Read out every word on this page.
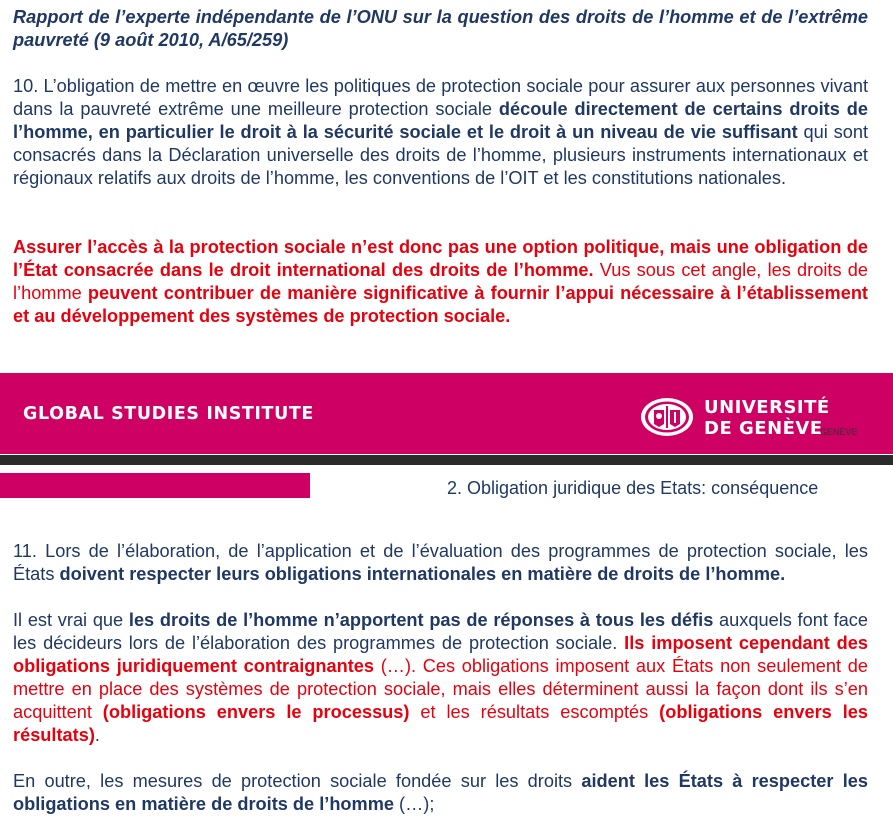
Rapport de l’experte indépendante de l’ONU sur la question des droits de l’homme et de l’extrême pauvreté (9 août 2010, A/65/259)

10. L’obligation de mettre en œuvre les politiques de protection sociale pour assurer aux personnes vivant dans la pauvreté extrême une meilleure protection sociale découle directement de certains droits de l’homme, en particulier le droit à la sécurité sociale et le droit à un niveau de vie suffisant qui sont consacrés dans la Déclaration universelle des droits de l’homme, plusieurs instruments internationaux et régionaux relatifs aux droits de l’homme, les conventions de l’OIT et les constitutions nationales.

Assurer l’accès à la protection sociale n’est donc pas une option politique, mais une obligation de l’État consacrée dans le droit international des droits de l’homme. Vus sous cet angle, les droits de l’homme peuvent contribuer de manière significative à fournir l’appui nécessaire à l’établissement et au développement des systèmes de protection sociale.

GLOBAL STUDIES INSTITUTE	UNIVERSITÉ
DE GENÈVE
GENÈVE
2. Obligation juridique des Etats: conséquence

11. Lors de l’élaboration, de l’application et de l’évaluation des programmes de protection sociale, les États doivent respecter leurs obligations internationales en matière de droits de l’homme.

Il est vrai que les droits de l’homme n’apportent pas de réponses à tous les défis auxquels font face les décideurs lors de l’élaboration des programmes de protection sociale. Ils imposent cependant des obligations juridiquement contraignantes (…). Ces obligations imposent aux États non seulement de mettre en place des systèmes de protection sociale, mais elles déterminent aussi la façon dont ils s’en acquittent (obligations envers le processus) et les résultats escomptés (obligations envers les résultats).

En outre, les mesures de protection sociale fondée sur les droits aident les États à respecter les obligations en matière de droits de l’homme (…);
